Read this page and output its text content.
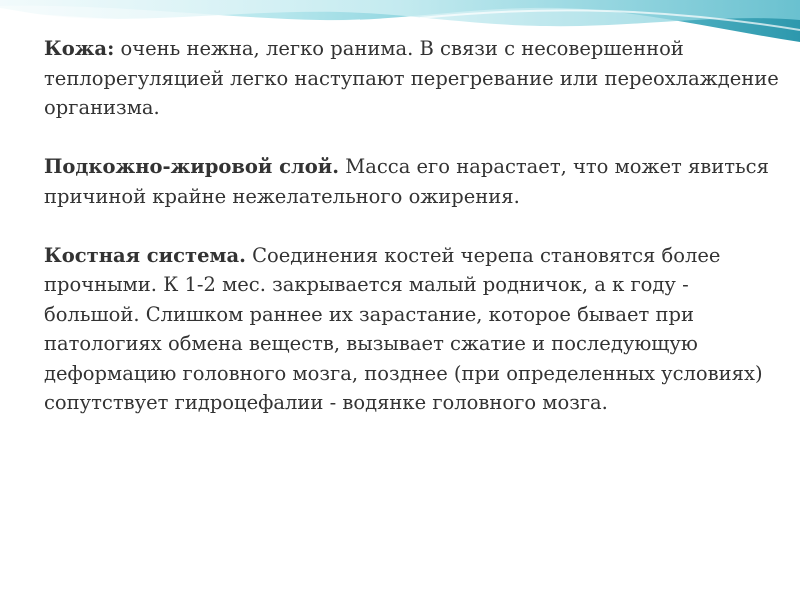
Кожа: очень нежна, легко ранима. В связи с несовершенной теплорегуляцией легко наступают перегревание или переохлаждение организма.

Подкожно-жировой слой. Масса его нарастает, что может явиться причиной крайне нежелательного ожирения.

Костная система. Соединения костей черепа становятся более прочными. К 1-2 мес. закрывается малый родничок, а к году - большой. Слишком раннее их зарастание, которое бывает при патологиях обмена веществ, вызывает сжатие и последующую деформацию головного мозга, позднее (при определенных условиях) сопутствует гидроцефалии - водянке головного мозга.
